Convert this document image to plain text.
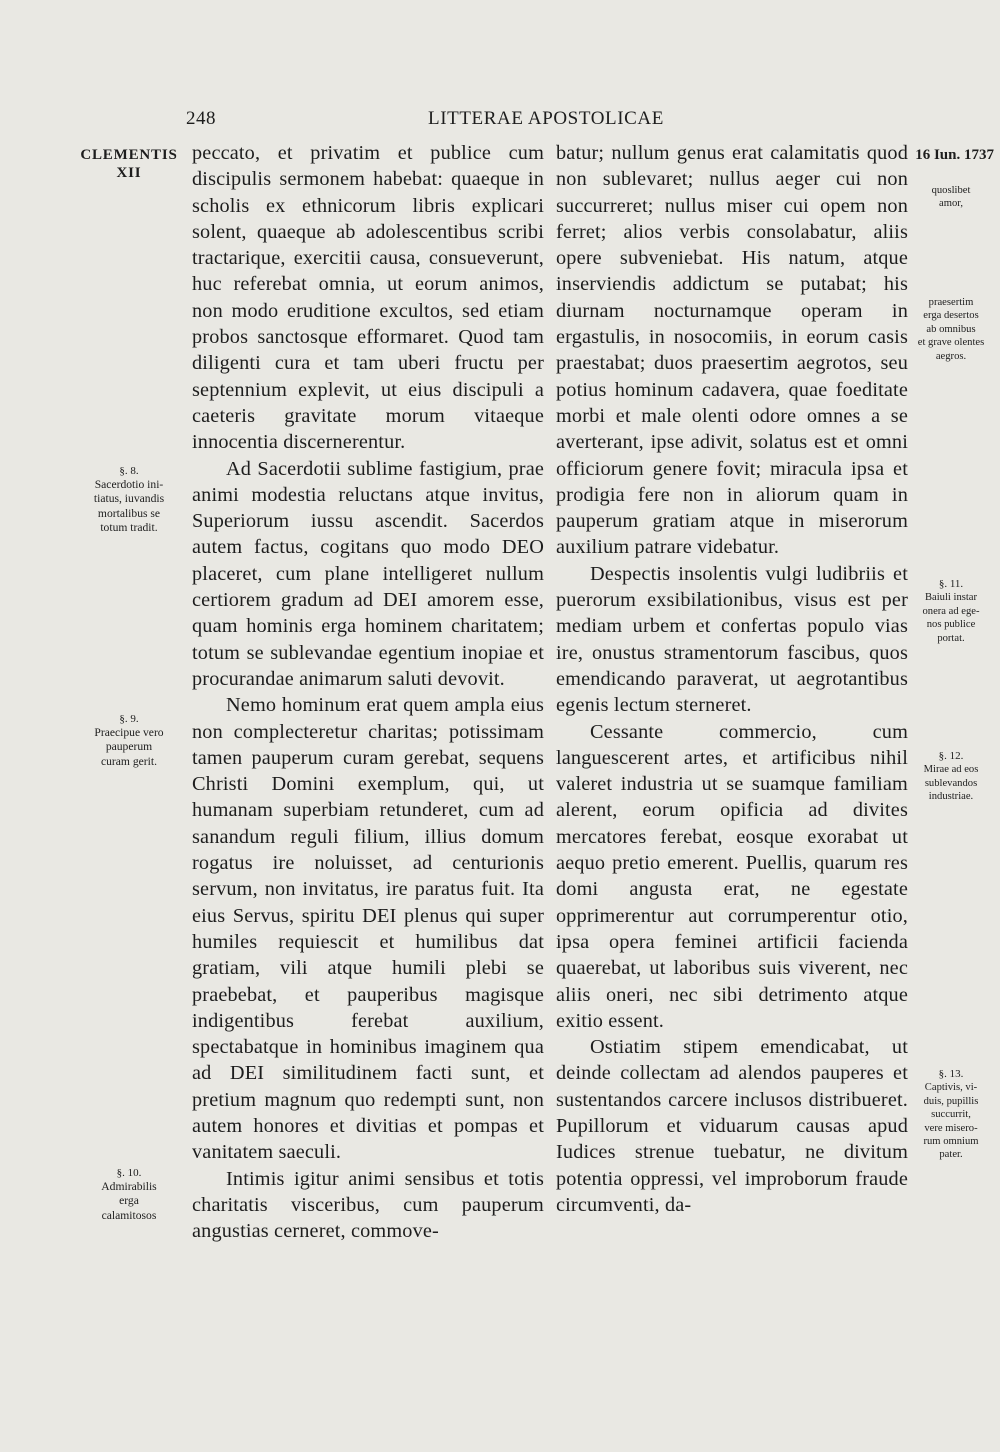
248	LITTERAE APOSTOLICAE
CLEMENTIS
XII
§. 8.
Sacerdotio ini-
tiatus, iuvandis
mortalibus se
totum tradit.
§. 9.
Praecipue vero
pauperum
curam gerit.
§. 10.
Admirabilis
erga
calamitosos
16 Iun. 1737
quoslibet
amor,
praesertim
erga desertos
ab omnibus
et grave olentes
aegros.
§. 11.
Baiuli instar
onera ad ege-
nos publice
portat.
§. 12.
Mirae ad eos
sublevandos
industriae.
§. 13.
Captivis, vi-
duis, pupillis
succurrit,
vere misero-
rum omnium
pater.

peccato, et privatim et publice cum discipulis sermonem habebat: quaeque in scholis ex ethnicorum libris explicari solent, quaeque ab adolescentibus scribi tractarique, exercitii causa, consueverunt, huc referebat omnia, ut eorum animos, non modo eruditione excultos, sed etiam probos sanctosque efformaret. Quod tam diligenti cura et tam uberi fructu per septennium explevit, ut eius discipuli a caeteris gravitate morum vitaeque innocentia discernerentur.

Ad Sacerdotii sublime fastigium, prae animi modestia reluctans atque invitus, Superiorum iussu ascendit. Sacerdos autem factus, cogitans quo modo DEO placeret, cum plane intelligeret nullum certiorem gradum ad DEI amorem esse, quam hominis erga hominem charitatem; totum se sublevandae egentium inopiae et procurandae animarum saluti devovit.

Nemo hominum erat quem ampla eius non complecteretur charitas; potissimam tamen pauperum curam gerebat, sequens Christi Domini exemplum, qui, ut humanam superbiam retunderet, cum ad sanandum reguli filium, illius domum rogatus ire noluisset, ad centurionis servum, non invitatus, ire paratus fuit. Ita eius Servus, spiritu DEI plenus qui super humiles requiescit et humilibus dat gratiam, vili atque humili plebi se praebebat, et pauperibus magisque indigentibus ferebat auxilium, spectabatque in hominibus imaginem qua ad DEI similitudinem facti sunt, et pretium magnum quo redempti sunt, non autem honores et divitias et pompas et vanitatem saeculi.

Intimis igitur animi sensibus et totis charitatis visceribus, cum pauperum angustias cerneret, commove-

batur; nullum genus erat calamitatis quod non sublevaret; nullus aeger cui non succurreret; nullus miser cui opem non ferret; alios verbis consolabatur, aliis opere subveniebat. His natum, atque inserviendis addictum se putabat; his diurnam nocturnamque operam in ergastulis, in nosocomiis, in eorum casis praestabat; duos praesertim aegrotos, seu potius hominum cadavera, quae foeditate morbi et male olenti odore omnes a se averterant, ipse adivit, solatus est et omni officiorum genere fovit; miracula ipsa et prodigia fere non in aliorum quam in pauperum gratiam atque in miserorum auxilium patrare videbatur.

Despectis insolentis vulgi ludibriis et puerorum exsibilationibus, visus est per mediam urbem et confertas populo vias ire, onustus stramentorum fascibus, quos emendicando paraverat, ut aegrotantibus egenis lectum sterneret.

Cessante commercio, cum languescerent artes, et artificibus nihil valeret industria ut se suamque familiam alerent, eorum opificia ad divites mercatores ferebat, eosque exorabat ut aequo pretio emerent. Puellis, quarum res domi angusta erat, ne egestate opprimerentur aut corrumperentur otio, ipsa opera feminei artificii facienda quaerebat, ut laboribus suis viverent, nec aliis oneri, nec sibi detrimento atque exitio essent.

Ostiatim stipem emendicabat, ut deinde collectam ad alendos pauperes et sustentandos carcere inclusos distribueret. Pupillorum et viduarum causas apud Iudices strenue tuebatur, ne divitum potentia oppressi, vel improborum fraude circumventi, da-
